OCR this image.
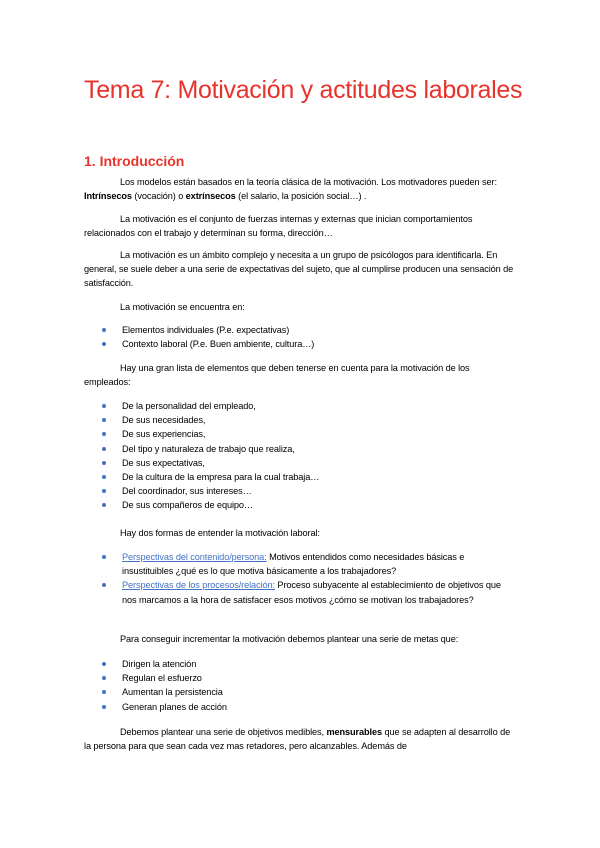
Tema 7: Motivación y actitudes laborales
1. Introducción

Los modelos están basados en la teoría clásica de la motivación. Los motivadores pueden ser: Intrínsecos (vocación) o extrínsecos (el salario, la posición social…) .

La motivación es el conjunto de fuerzas internas y externas que inician comportamientos relacionados con el trabajo y determinan su forma, dirección…

La motivación es un ámbito complejo y necesita a un grupo de psicólogos para identificarla. En general, se suele deber a una serie de expectativas del sujeto, que al cumplirse producen una sensación de satisfacción.

La motivación se encuentra en:

Elementos individuales (P.e. expectativas)
Contexto laboral (P.e. Buen ambiente, cultura…)

Hay una gran lista de elementos que deben tenerse en cuenta para la motivación de los empleados:

De la personalidad del empleado,
De sus necesidades,
De sus experiencias,
Del tipo y naturaleza de trabajo que realiza,
De sus expectativas,
De la cultura de la empresa para la cual trabaja…
Del coordinador, sus intereses…
De sus compañeros de equipo…

Hay dos formas de entender la motivación laboral:

Perspectivas del contenido/persona: Motivos entendidos como necesidades básicas e insustituibles ¿qué es lo que motiva básicamente a los trabajadores?
Perspectivas de los procesos/relación: Proceso subyacente al establecimiento de objetivos que nos marcamos a la hora de satisfacer esos motivos ¿cómo se motivan los trabajadores?

Para conseguir incrementar la motivación debemos plantear una serie de metas que:

Dirigen la atención
Regulan el esfuerzo
Aumentan la persistencia
Generan planes de acción

Debemos plantear una serie de objetivos medibles, mensurables que se adapten al desarrollo de la persona para que sean cada vez mas retadores, pero alcanzables. Además de
